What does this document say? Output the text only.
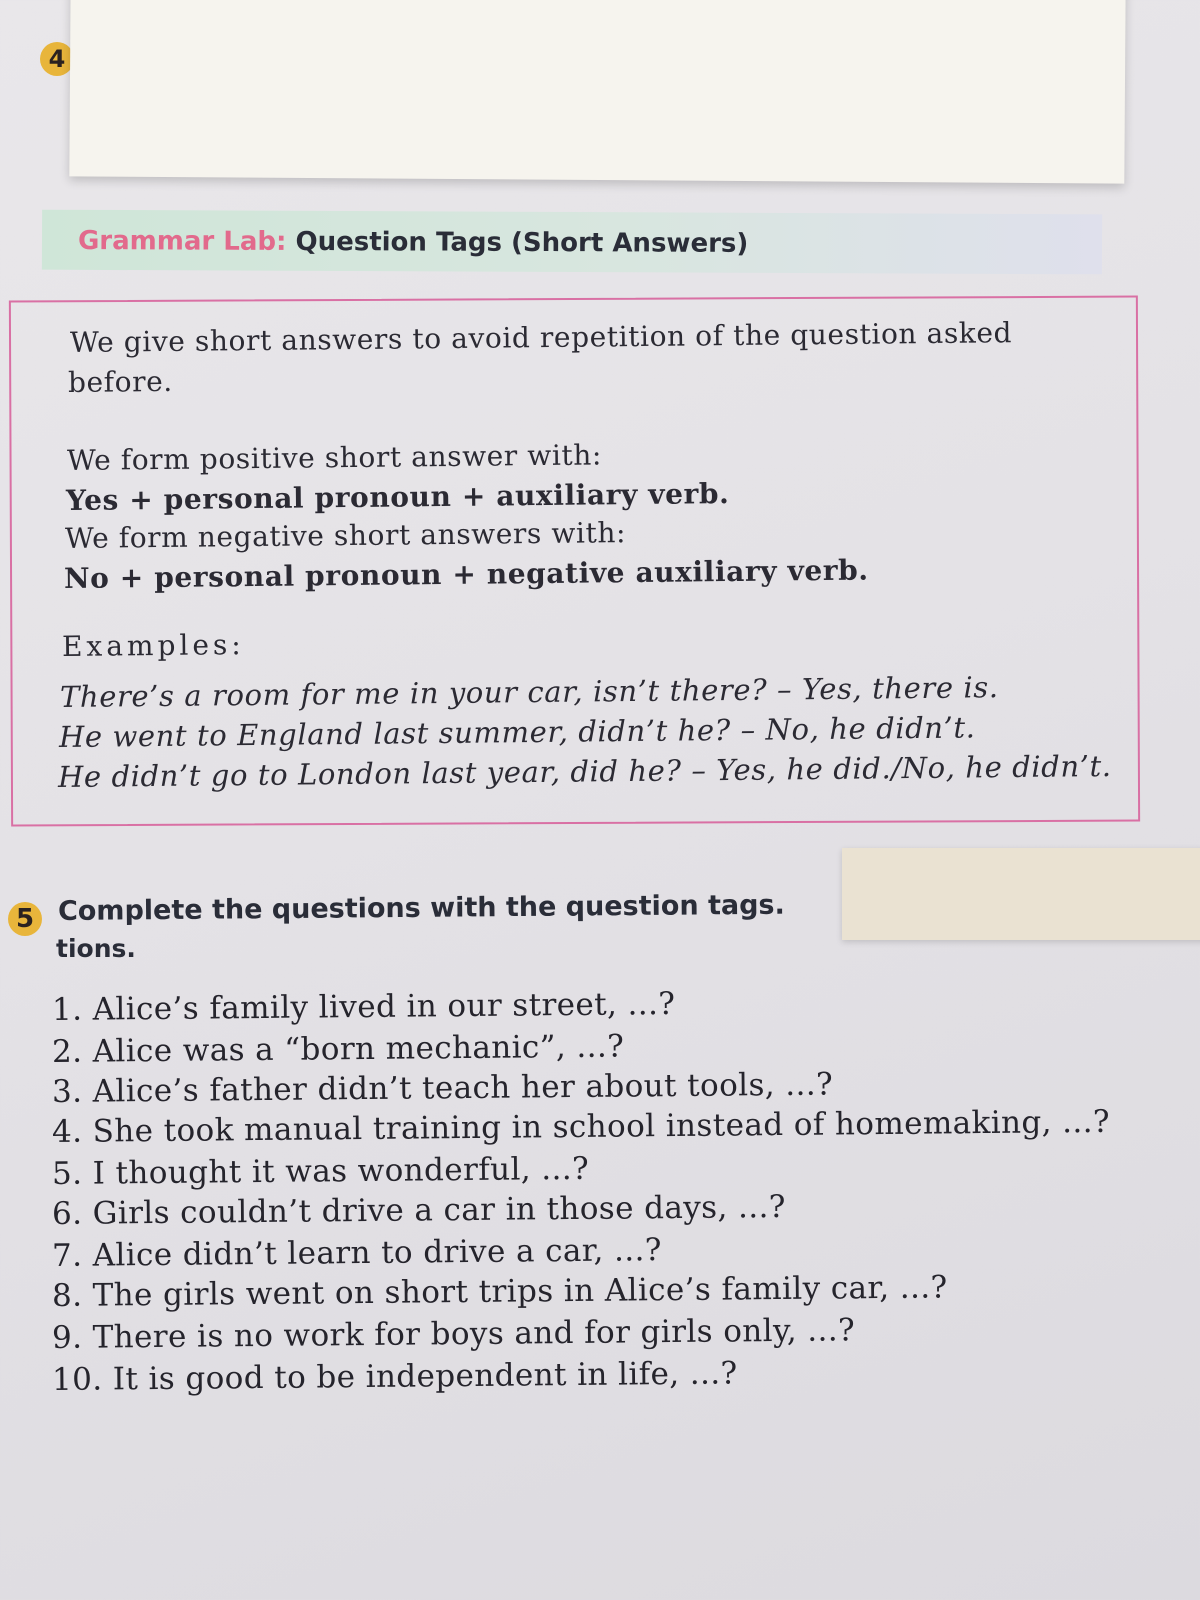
4
Grammar Lab: Question Tags (Short Answers)
We give short answers to avoid repetition of the question asked
before.
We form positive short answer with:
Yes + personal pronoun + auxiliary verb.
We form negative short answers with:
No + personal pronoun + negative auxiliary verb.
Examples:
There’s a room for me in your car, isn’t there? – Yes, there is.
He went to England last summer, didn’t he? – No, he didn’t.
He didn’t go to London last year, did he? – Yes, he did./No, he didn’t.
5 Complete the questions with the question tags.
tions.
1. Alice’s family lived in our street, ...?
2. Alice was a “born mechanic”, ...?
3. Alice’s father didn’t teach her about tools, ...?
4. She took manual training in school instead of homemaking, ...?
5. I thought it was wonderful, ...?
6. Girls couldn’t drive a car in those days, ...?
7. Alice didn’t learn to drive a car, ...?
8. The girls went on short trips in Alice’s family car, ...?
9. There is no work for boys and for girls only, ...?
10. It is good to be independent in life, ...?
